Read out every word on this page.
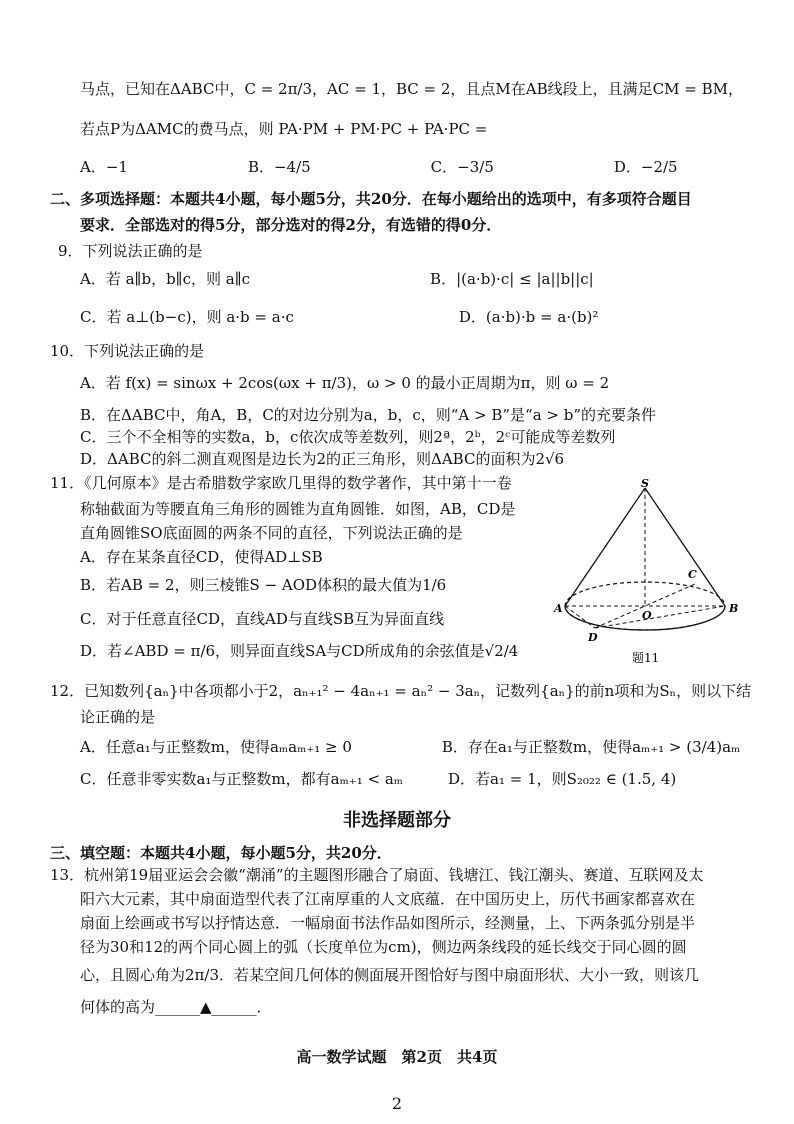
马点，已知在ΔABC中，C = 2π/3，AC = 1，BC = 2，且点M在AB线段上，且满足CM = BM，
若点P为ΔAMC的费马点，则 PA·PM + PM·PC + PA·PC =
A．−1　　　　　　　　B．−4/5　　　　　　　　C．−3/5　　　　　　　　D．−2/5
二、多项选择题：本题共4小题，每小题5分，共20分．在每小题给出的选项中，有多项符合题目
要求．全部选对的得5分，部分选对的得2分，有选错的得0分．
9．下列说法正确的是
A．若 a∥b，b∥c，则 a∥c　　　　　　　　　　　　B．|(a·b)·c| ≤ |a||b||c|
C．若 a⊥(b−c)，则 a·b = a·c　　　　　　　　　　　D．(a·b)·b = a·(b)²
10．下列说法正确的是
A．若 f(x) = sinωx + 2cos(ωx + π/3)，ω > 0 的最小正周期为π，则 ω = 2
B．在ΔABC中，角A，B，C的对边分别为a，b，c，则“A > B”是“a > b”的充要条件
C．三个不全相等的实数a，b，c依次成等差数列，则2ª，2ᵇ，2ᶜ可能成等差数列
D．ΔABC的斜二测直观图是边长为2的正三角形，则ΔABC的面积为2√6
11．《几何原本》是古希腊数学家欧几里得的数学著作，其中第十一卷
称轴截面为等腰直角三角形的圆锥为直角圆锥．如图，AB，CD是
直角圆锥SO底面圆的两条不同的直径，下列说法正确的是
A．存在某条直径CD，使得AD⊥SB
B．若AB = 2，则三棱锥S − AOD体积的最大值为1/6
C．对于任意直径CD，直线AD与直线SB互为异面直线
D．若∠ABD = π/6，则异面直线SA与CD所成角的余弦值是√2/4
12．已知数列{aₙ}中各项都小于2，aₙ₊₁² − 4aₙ₊₁ = aₙ² − 3aₙ，记数列{aₙ}的前n项和为Sₙ，则以下结
论正确的是
A．任意a₁与正整数m，使得aₘaₘ₊₁ ≥ 0　　　　　　B．存在a₁与正整数m，使得aₘ₊₁ > (3/4)aₘ
C．任意非零实数a₁与正整数m，都有aₘ₊₁ < aₘ　　　D．若a₁ = 1，则S₂₀₂₂ ∈ (1.5, 4)
三、填空题：本题共4小题，每小题5分，共20分．
13．杭州第19届亚运会会徽“潮涌”的主题图形融合了扇面、钱塘江、钱江潮头、赛道、互联网及太
阳六大元素，其中扇面造型代表了江南厚重的人文底蕴．在中国历史上，历代书画家都喜欢在
扇面上绘画或书写以抒情达意．一幅扇面书法作品如图所示，经测量，上、下两条弧分别是半
径为30和12的两个同心圆上的弧（长度单位为cm)，侧边两条线段的延长线交于同心圆的圆
心，且圆心角为2π/3．若某空间几何体的侧面展开图恰好与图中扇面形状、大小一致，则该几
何体的高为______▲______．
非选择题部分
S
A	B
C
D
O
题11
高一数学试题　第2页　共4页
2
